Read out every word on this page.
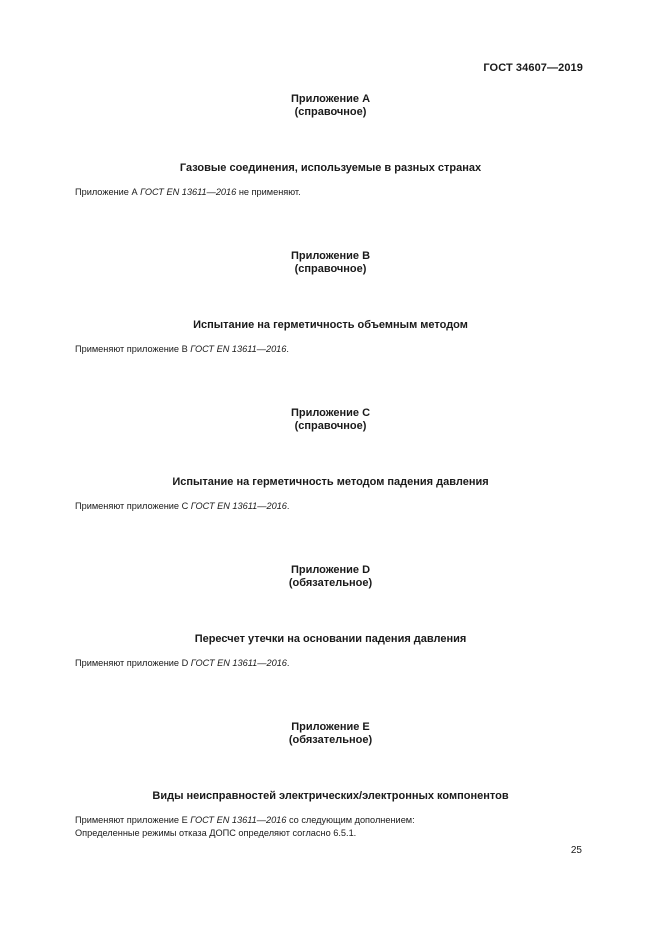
ГОСТ 34607—2019
Приложение А
(справочное)
Газовые соединения, используемые в разных странах
Приложение А ГОСТ EN 13611—2016 не применяют.
Приложение В
(справочное)
Испытание на герметичность объемным методом
Применяют приложение В ГОСТ EN 13611—2016.
Приложение С
(справочное)
Испытание на герметичность методом падения давления
Применяют приложение С ГОСТ EN 13611—2016.
Приложение D
(обязательное)
Пересчет утечки на основании падения давления
Применяют приложение D ГОСТ EN 13611—2016.
Приложение Е
(обязательное)
Виды неисправностей электрических/электронных компонентов
Применяют приложение Е ГОСТ EN 13611—2016 со следующим дополнением:
Определенные режимы отказа ДОПС определяют согласно 6.5.1.
25
